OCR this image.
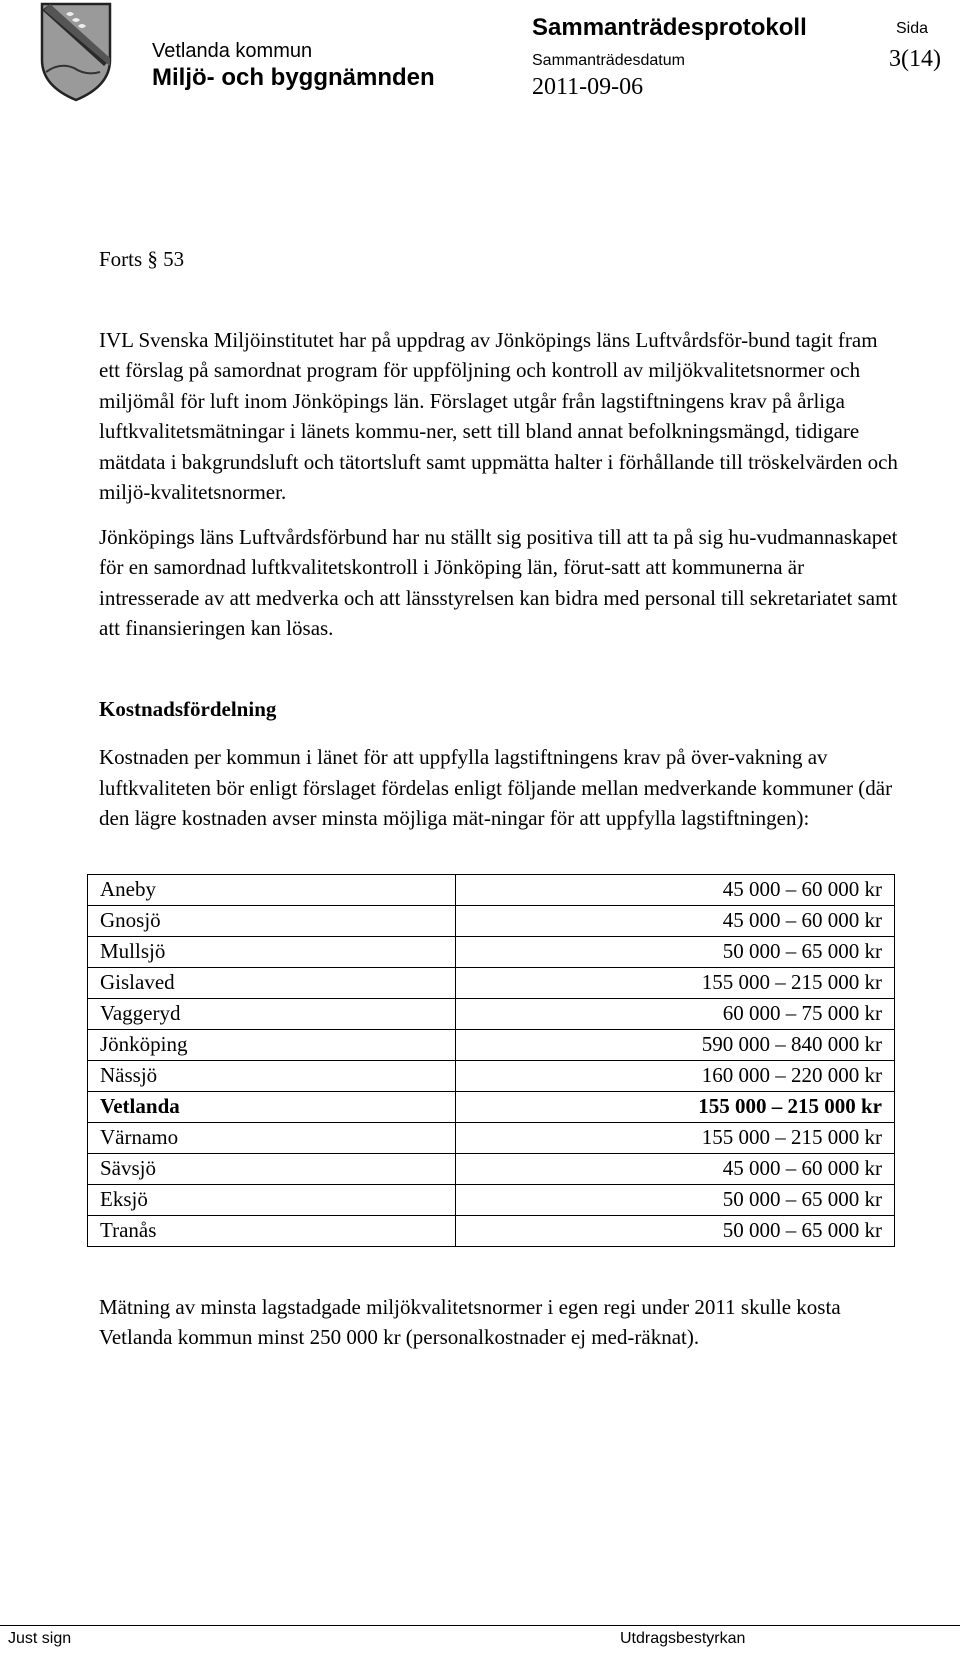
Vetlanda kommun
Miljö- och byggnämnden
Sammanträdesprotokoll
Sammanträdesdatum
2011-09-06
Sida
3(14)
Forts § 53

IVL Svenska Miljöinstitutet har på uppdrag av Jönköpings läns Luftvårdsför-bund tagit fram ett förslag på samordnat program för uppföljning och kontroll av miljökvalitetsnormer och miljömål för luft inom Jönköpings län. Förslaget utgår från lagstiftningens krav på årliga luftkvalitetsmätningar i länets kommu-ner, sett till bland annat befolkningsmängd, tidigare mätdata i bakgrundsluft och tätortsluft samt uppmätta halter i förhållande till tröskelvärden och miljö-kvalitetsnormer.

Jönköpings läns Luftvårdsförbund har nu ställt sig positiva till att ta på sig hu-vudmannaskapet för en samordnad luftkvalitetskontroll i Jönköping län, förut-satt att kommunerna är intresserade av att medverka och att länsstyrelsen kan bidra med personal till sekretariatet samt att finansieringen kan lösas.

Kostnadsfördelning

Kostnaden per kommun i länet för att uppfylla lagstiftningens krav på över-vakning av luftkvaliteten bör enligt förslaget fördelas enligt följande mellan medverkande kommuner (där den lägre kostnaden avser minsta möjliga mät-ningar för att uppfylla lagstiftningen):

Aneby	45 000 – 60 000 kr
Gnosjö	45 000 – 60 000 kr
Mullsjö	50 000 – 65 000 kr
Gislaved	155 000 – 215 000 kr
Vaggeryd	60 000 – 75 000 kr
Jönköping	590 000 – 840 000 kr
Nässjö	160 000 – 220 000 kr
Vetlanda	155 000 – 215 000 kr
Värnamo	155 000 – 215 000 kr
Sävsjö	45 000 – 60 000 kr
Eksjö	50 000 – 65 000 kr
Tranås	50 000 – 65 000 kr

Mätning av minsta lagstadgade miljökvalitetsnormer i egen regi under 2011 skulle kosta Vetlanda kommun minst 250 000 kr (personalkostnader ej med-räknat).

Just sign	Utdragsbestyrkan
